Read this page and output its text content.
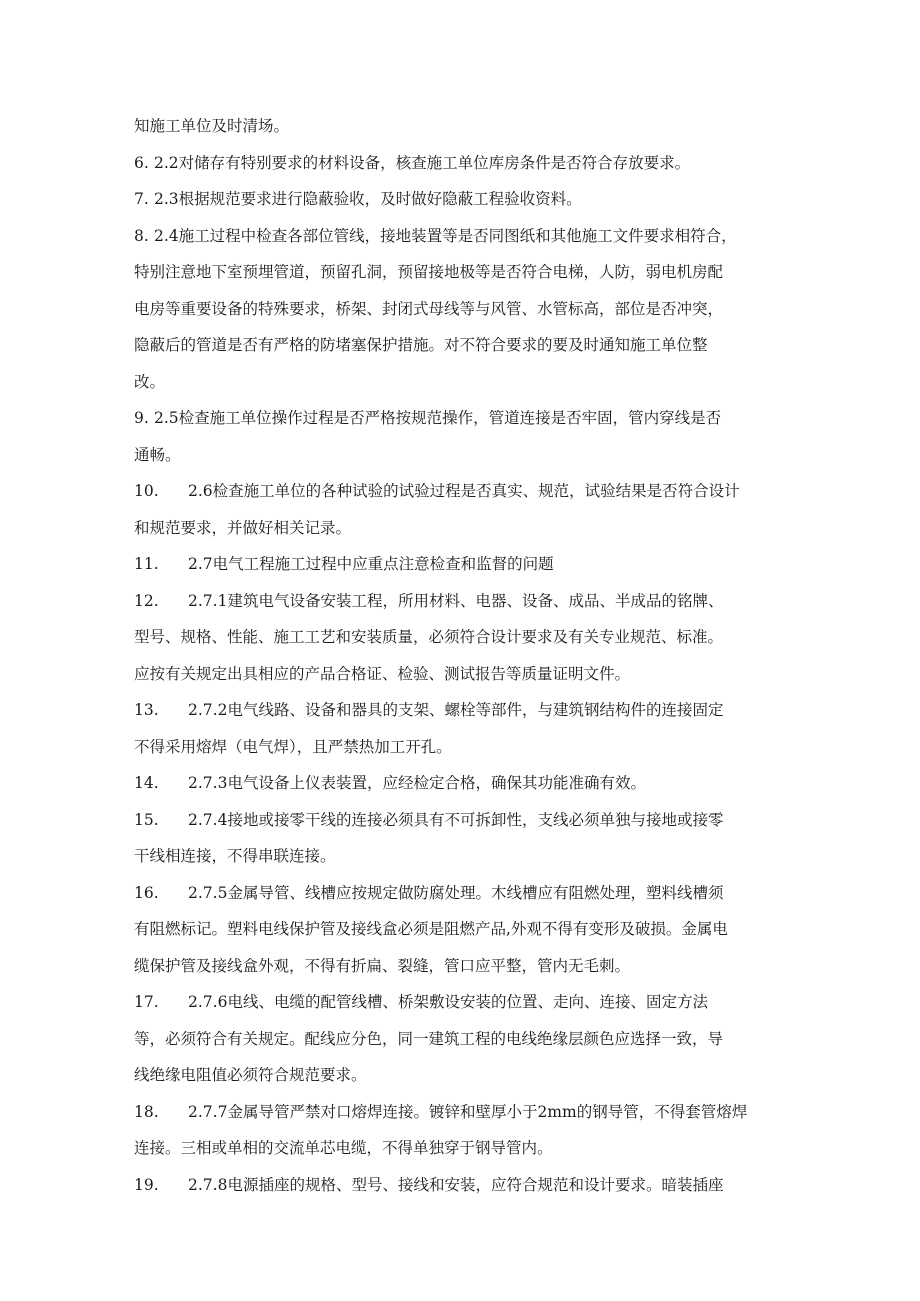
知施工单位及时清场。
6. 2.2对储存有特别要求的材料设备，核查施工单位库房条件是否符合存放要求。
7. 2.3根据规范要求进行隐蔽验收，及时做好隐蔽工程验收资料。
8. 2.4施工过程中检查各部位管线，接地装置等是否同图纸和其他施工文件要求相符合，
特别注意地下室预埋管道，预留孔洞，预留接地极等是否符合电梯，人防，弱电机房配
电房等重要设备的特殊要求，桥架、封闭式母线等与风管、水管标高，部位是否冲突，
隐蔽后的管道是否有严格的防堵塞保护措施。对不符合要求的要及时通知施工单位整
改。
9. 2.5检查施工单位操作过程是否严格按规范操作，管道连接是否牢固，管内穿线是否
通畅。
10. 2.6检查施工单位的各种试验的试验过程是否真实、规范，试验结果是否符合设计
和规范要求，并做好相关记录。
11. 2.7电气工程施工过程中应重点注意检查和监督的问题
12. 2.7.1建筑电气设备安装工程，所用材料、电器、设备、成品、半成品的铭牌、
型号、规格、性能、施工工艺和安装质量，必须符合设计要求及有关专业规范、标准。
应按有关规定出具相应的产品合格证、检验、测试报告等质量证明文件。
13. 2.7.2电气线路、设备和器具的支架、螺栓等部件，与建筑钢结构件的连接固定
不得采用熔焊（电气焊），且严禁热加工开孔。
14. 2.7.3电气设备上仪表装置，应经检定合格，确保其功能准确有效。
15. 2.7.4接地或接零干线的连接必须具有不可拆卸性，支线必须单独与接地或接零
干线相连接，不得串联连接。
16. 2.7.5金属导管、线槽应按规定做防腐处理。木线槽应有阻燃处理，塑料线槽须
有阻燃标记。塑料电线保护管及接线盒必须是阻燃产品,外观不得有变形及破损。金属电
缆保护管及接线盒外观，不得有折扁、裂缝，管口应平整，管内无毛刺。
17. 2.7.6电线、电缆的配管线槽、桥架敷设安装的位置、走向、连接、固定方法
等，必须符合有关规定。配线应分色，同一建筑工程的电线绝缘层颜色应选择一致，导
线绝缘电阻值必须符合规范要求。
18. 2.7.7金属导管严禁对口熔焊连接。镀锌和壁厚小于2mm的钢导管，不得套管熔焊
连接。三相或单相的交流单芯电缆，不得单独穿于钢导管内。
19. 2.7.8电源插座的规格、型号、接线和安装，应符合规范和设计要求。暗装插座
